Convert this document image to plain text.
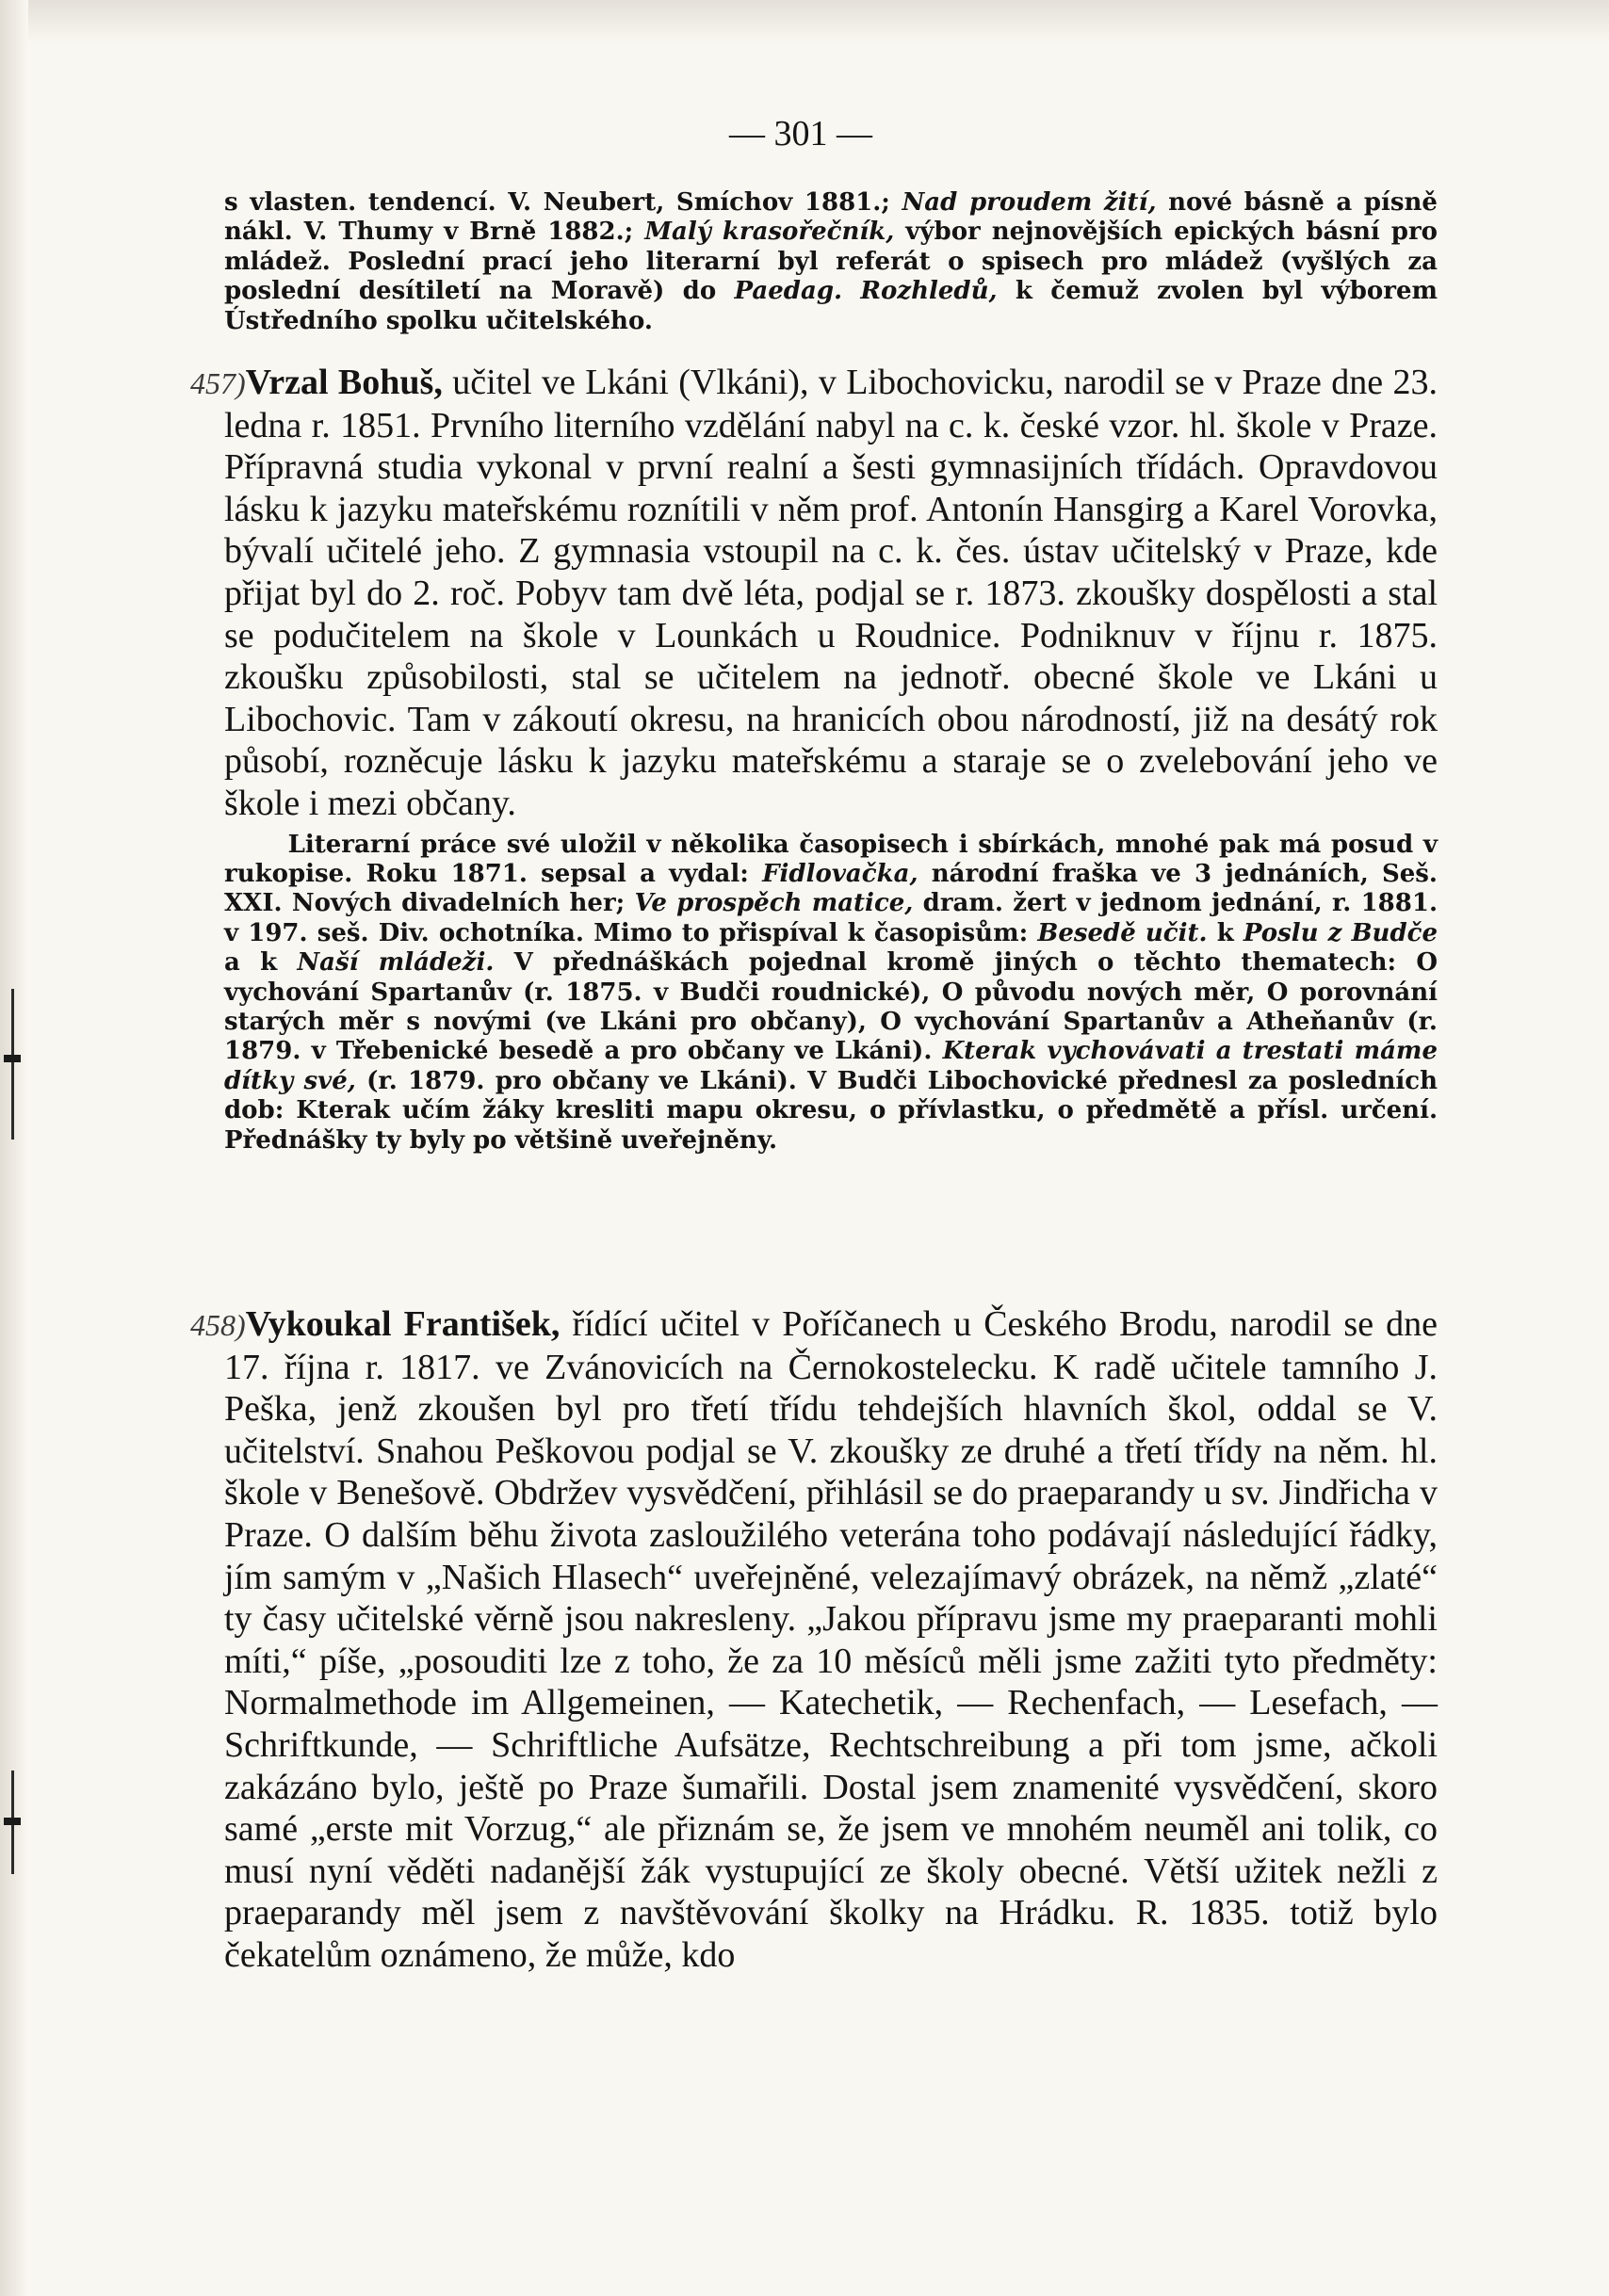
— 301 —

s vlasten. tendencí. V. Neubert, Smíchov 1881.; Nad proudem žití, nové básně a písně nákl. V. Thumy v Brně 1882.; Malý krasořečník, výbor nejnovějších epických básní pro mládež. Poslední prací jeho literarní byl referát o spisech pro mládež (vyšlých za poslední desítiletí na Moravě) do Paedag. Rozhledů, k čemuž zvolen byl výborem Ústředního spolku učitelského.

457)Vrzal Bohuš, učitel ve Lkáni (Vlkáni), v Libochovicku, narodil se v Praze dne 23. ledna r. 1851. Prvního literního vzdělání nabyl na c. k. české vzor. hl. škole v Praze. Přípravná studia vykonal v první realní a šesti gymnasijních třídách. Opravdovou lásku k jazyku mateřskému roznítili v něm prof. Antonín Hansgirg a Karel Vorovka, bývalí učitelé jeho. Z gymnasia vstoupil na c. k. čes. ústav učitelský v Praze, kde přijat byl do 2. roč. Pobyv tam dvě léta, podjal se r. 1873. zkoušky dospělosti a stal se podučitelem na škole v Lounkách u Roudnice. Podniknuv v říjnu r. 1875. zkoušku způsobilosti, stal se učitelem na jednotř. obecné škole ve Lkáni u Libochovic. Tam v zákoutí okresu, na hranicích obou národností, již na desátý rok působí, rozněcuje lásku k jazyku mateřskému a staraje se o zvelebování jeho ve škole i mezi občany.

Literarní práce své uložil v několika časopisech i sbírkách, mnohé pak má posud v rukopise. Roku 1871. sepsal a vydal: Fidlovačka, národní fraška ve 3 jednáních, Seš. XXI. Nových divadelních her; Ve prospěch matice, dram. žert v jednom jednání, r. 1881. v 197. seš. Div. ochotníka. Mimo to přispíval k časopisům: Besedě učit. k Poslu z Budče a k Naší mládeži. V přednáškách pojednal kromě jiných o těchto thematech: O vychování Spartanův (r. 1875. v Budči roudnické), O původu nových měr, O porovnání starých měr s novými (ve Lkáni pro občany), O vychování Spartanův a Atheňanův (r. 1879. v Třebenické besedě a pro občany ve Lkáni). Kterak vychovávati a trestati máme dítky své, (r. 1879. pro občany ve Lkáni). V Budči Libochovické přednesl za posledních dob: Kterak učím žáky kresliti mapu okresu, o přívlastku, o předmětě a přísl. určení. Přednášky ty byly po většině uveřejněny.

458)Vykoukal František, řídící učitel v Poříčanech u Českého Brodu, narodil se dne 17. října r. 1817. ve Zvánovicích na Černokostelecku. K radě učitele tamního J. Peška, jenž zkoušen byl pro třetí třídu tehdejších hlavních škol, oddal se V. učitelství. Snahou Peškovou podjal se V. zkoušky ze druhé a třetí třídy na něm. hl. škole v Benešově. Obdržev vysvědčení, přihlásil se do praeparandy u sv. Jindřicha v Praze. O dalším běhu života zasloužilého veterána toho podávají následující řádky, jím samým v „Našich Hlasech“ uveřejněné, velezajímavý obrázek, na němž „zlaté“ ty časy učitelské věrně jsou nakresleny. „Jakou přípravu jsme my praeparanti mohli míti,“ píše, „posouditi lze z toho, že za 10 měsíců měli jsme zažiti tyto předměty: Normalmethode im Allgemeinen, — Katechetik, — Rechenfach, — Lesefach, — Schriftkunde, — Schriftliche Aufsätze, Rechtschreibung a při tom jsme, ačkoli zakázáno bylo, ještě po Praze šumařili. Dostal jsem znamenité vysvědčení, skoro samé „erste mit Vorzug,“ ale přiznám se, že jsem ve mnohém neuměl ani tolik, co musí nyní věděti nadanější žák vystupující ze školy obecné. Větší užitek nežli z praeparandy měl jsem z navštěvování školky na Hrádku. R. 1835. totiž bylo čekatelům oznámeno, že může, kdo
